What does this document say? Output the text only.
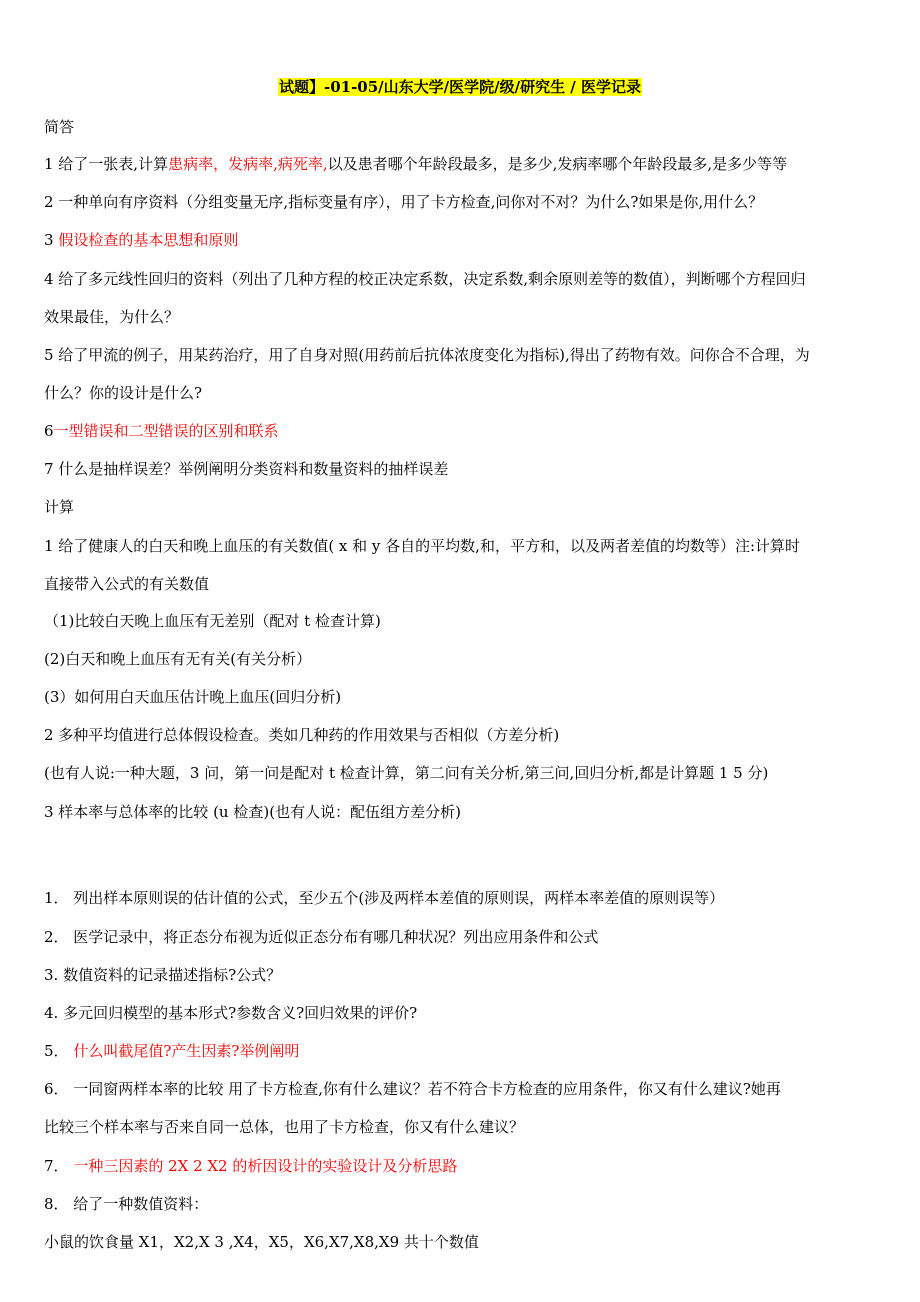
试题】-01-05/山东大学/医学院/级/研究生 / 医学记录
简答
1 给了一张表,计算患病率，发病率,病死率,以及患者哪个年龄段最多，是多少,发病率哪个年龄段最多,是多少等等
2 一种单向有序资料（分组变量无序,指标变量有序），用了卡方检查,问你对不对？为什么?如果是你,用什么？
3 假设检查的基本思想和原则
4 给了多元线性回归的资料（列出了几种方程的校正决定系数，决定系数,剩余原则差等的数值），判断哪个方程回归
效果最佳，为什么？
5 给了甲流的例子，用某药治疗，用了自身对照(用药前后抗体浓度变化为指标),得出了药物有效。问你合不合理，为
什么？你的设计是什么?
6一型错误和二型错误的区别和联系
7 什么是抽样误差？举例阐明分类资料和数量资料的抽样误差
计算
1 给了健康人的白天和晚上血压的有关数值( x 和 y 各自的平均数,和，平方和，以及两者差值的均数等）注:计算时
直接带入公式的有关数值
（1)比较白天晚上血压有无差别（配对 t 检查计算)
(2)白天和晚上血压有无有关(有关分析）
(3）如何用白天血压估计晚上血压(回归分析)
2 多种平均值进行总体假设检查。类如几种药的作用效果与否相似（方差分析)
(也有人说:一种大题，3 问，第一问是配对 t 检查计算，第二问有关分析,第三问,回归分析,都是计算题 1 5 分)
3 样本率与总体率的比较 (u 检查)(也有人说：配伍组方差分析)
1． 列出样本原则误的估计值的公式，至少五个(涉及两样本差值的原则误，两样本率差值的原则误等）
2． 医学记录中，将正态分布视为近似正态分布有哪几种状况？列出应用条件和公式
3. 数值资料的记录描述指标?公式？
4. 多元回归模型的基本形式?参数含义?回归效果的评价?
5． 什么叫截尾值?产生因素?举例阐明
6． 一同窗两样本率的比较 用了卡方检查,你有什么建议？若不符合卡方检查的应用条件，你又有什么建议?她再
比较三个样本率与否来自同一总体，也用了卡方检查，你又有什么建议？
7． 一种三因素的 2X 2 X2 的析因设计的实验设计及分析思路
8． 给了一种数值资料：
小鼠的饮食量 X1，X2,X 3 ,X4，X5，X6,X7,Ⅹ8,X9 共十个数值
